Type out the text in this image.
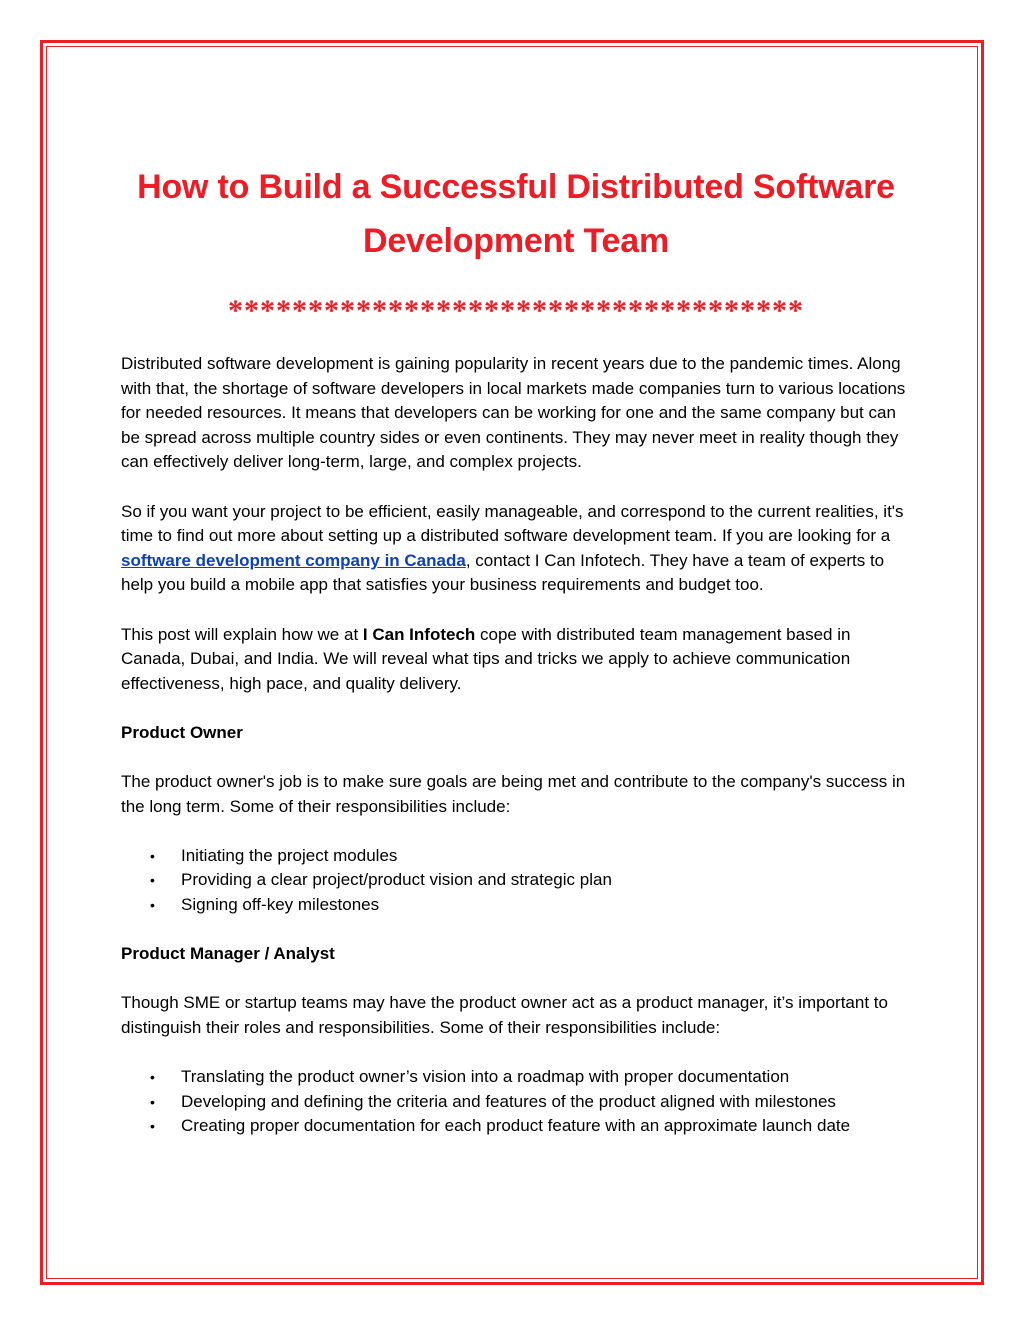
How to Build a Successful Distributed Software Development Team
************************************

Distributed software development is gaining popularity in recent years due to the pandemic times. Along with that, the shortage of software developers in local markets made companies turn to various locations for needed resources. It means that developers can be working for one and the same company but can be spread across multiple country sides or even continents. They may never meet in reality though they can effectively deliver long-term, large, and complex projects.

So if you want your project to be efficient, easily manageable, and correspond to the current realities, it's time to find out more about setting up a distributed software development team. If you are looking for a software development company in Canada, contact I Can Infotech. They have a team of experts to help you build a mobile app that satisfies your business requirements and budget too.

This post will explain how we at I Can Infotech cope with distributed team management based in Canada, Dubai, and India. We will reveal what tips and tricks we apply to achieve communication effectiveness, high pace, and quality delivery.

Product Owner

The product owner's job is to make sure goals are being met and contribute to the company's success in the long term. Some of their responsibilities include:

• Initiating the project modules
• Providing a clear project/product vision and strategic plan
• Signing off-key milestones
Product Manager / Analyst

Though SME or startup teams may have the product owner act as a product manager, it’s important to distinguish their roles and responsibilities. Some of their responsibilities include:

• Translating the product owner’s vision into a roadmap with proper documentation
• Developing and defining the criteria and features of the product aligned with milestones
• Creating proper documentation for each product feature with an approximate launch date
